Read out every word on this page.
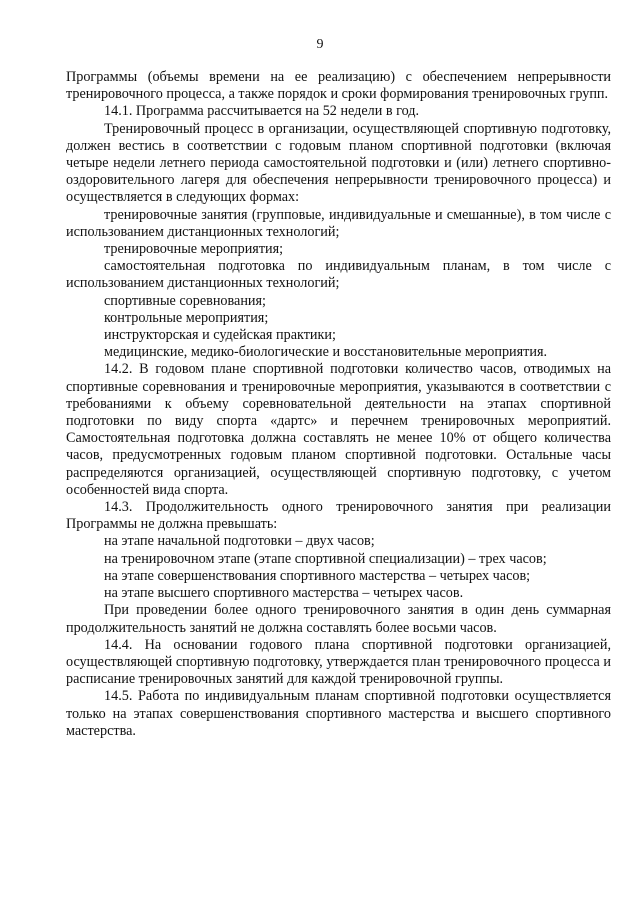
9

Программы (объемы времени на ее реализацию) с обеспечением непрерывности тренировочного процесса, а также порядок и сроки формирования тренировочных групп.

14.1. Программа рассчитывается на 52 недели в год.

Тренировочный процесс в организации, осуществляющей спортивную подготовку, должен вестись в соответствии с годовым планом спортивной подготовки (включая четыре недели летнего периода самостоятельной подготовки и (или) летнего спортивно-оздоровительного лагеря для обеспечения непрерывности тренировочного процесса) и осуществляется в следующих формах:

тренировочные занятия (групповые, индивидуальные и смешанные), в том числе с использованием дистанционных технологий;

тренировочные мероприятия;

самостоятельная подготовка по индивидуальным планам, в том числе с использованием дистанционных технологий;

спортивные соревнования;

контрольные мероприятия;

инструкторская и судейская практики;

медицинские, медико-биологические и восстановительные мероприятия.

14.2. В годовом плане спортивной подготовки количество часов, отводимых на спортивные соревнования и тренировочные мероприятия, указываются в соответствии с требованиями к объему соревновательной деятельности на этапах спортивной подготовки по виду спорта «дартс» и перечнем тренировочных мероприятий. Самостоятельная подготовка должна составлять не менее 10% от общего количества часов, предусмотренных годовым планом спортивной подготовки. Остальные часы распределяются организацией, осуществляющей спортивную подготовку, с учетом особенностей вида спорта.

14.3. Продолжительность одного тренировочного занятия при реализации Программы не должна превышать:

на этапе начальной подготовки – двух часов;

на тренировочном этапе (этапе спортивной специализации) – трех часов;

на этапе совершенствования спортивного мастерства – четырех часов;

на этапе высшего спортивного мастерства – четырех часов.

При проведении более одного тренировочного занятия в один день суммарная продолжительность занятий не должна составлять более восьми часов.

14.4. На основании годового плана спортивной подготовки организацией, осуществляющей спортивную подготовку, утверждается план тренировочного процесса и расписание тренировочных занятий для каждой тренировочной группы.

14.5. Работа по индивидуальным планам спортивной подготовки осуществляется только на этапах совершенствования спортивного мастерства и высшего спортивного мастерства.
